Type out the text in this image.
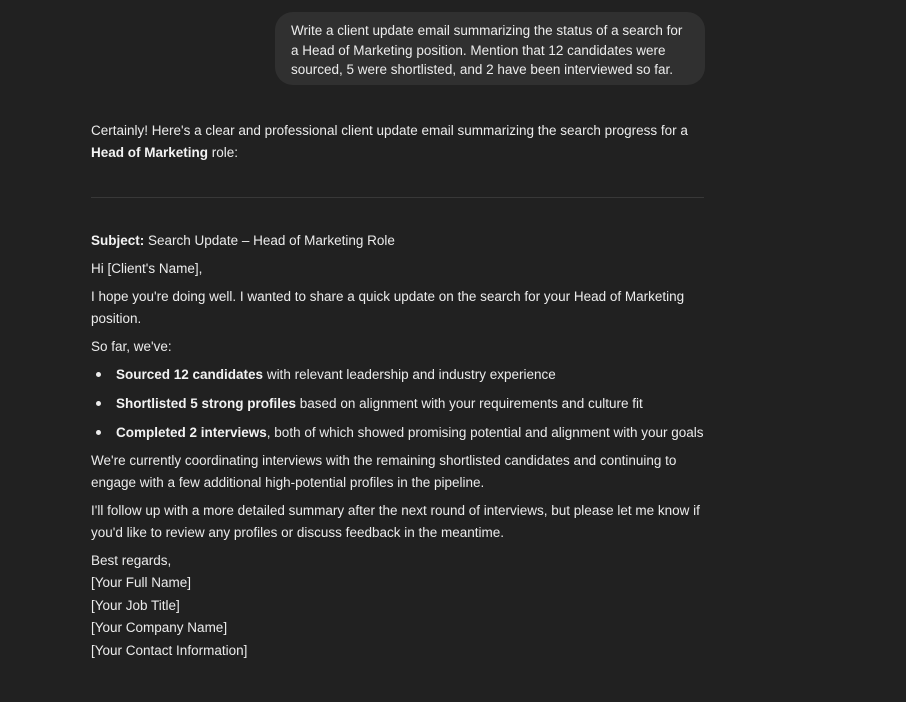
Write a client update email summarizing the status of a search for a Head of Marketing position. Mention that 12 candidates were sourced, 5 were shortlisted, and 2 have been interviewed so far.

Certainly! Here's a clear and professional client update email summarizing the search progress for a Head of Marketing role:

Subject: Search Update – Head of Marketing Role

Hi [Client's Name],

I hope you're doing well. I wanted to share a quick update on the search for your Head of Marketing position.

So far, we've:

Sourced 12 candidates with relevant leadership and industry experience
Shortlisted 5 strong profiles based on alignment with your requirements and culture fit
Completed 2 interviews, both of which showed promising potential and alignment with your goals

We're currently coordinating interviews with the remaining shortlisted candidates and continuing to engage with a few additional high-potential profiles in the pipeline.

I'll follow up with a more detailed summary after the next round of interviews, but please let me know if you'd like to review any profiles or discuss feedback in the meantime.

Best regards,
[Your Full Name]
[Your Job Title]
[Your Company Name]
[Your Contact Information]
